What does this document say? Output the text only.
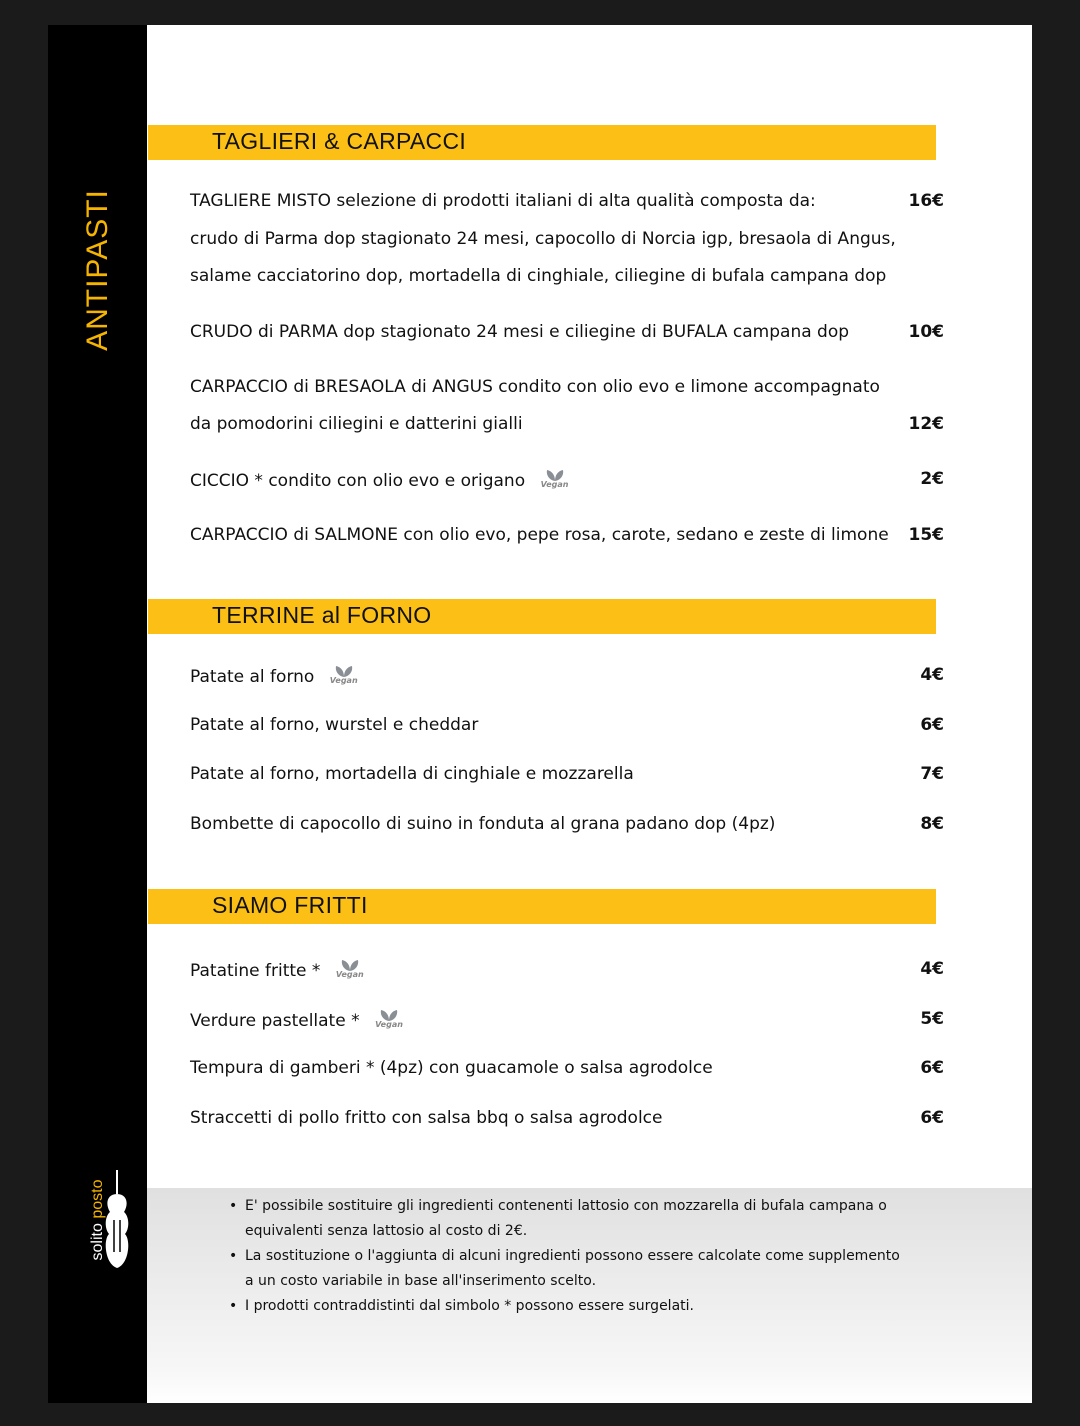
ANTIPASTI
solito posto
TAGLIERI & CARPACCI
TAGLIERE MISTO selezione di prodotti italiani di alta qualità composta da:	16€
crudo di Parma dop stagionato 24 mesi, capocollo di Norcia igp, bresaola di Angus,
salame cacciatorino dop, mortadella di cinghiale, ciliegine di bufala campana dop
CRUDO di PARMA dop stagionato 24 mesi e ciliegine di BUFALA campana dop	10€
CARPACCIO di BRESAOLA di ANGUS condito con olio evo e limone accompagnato
da pomodorini ciliegini e datterini gialli	12€
CICCIO * condito con olio evo e origano	Vegan	2€
CARPACCIO di SALMONE con olio evo, pepe rosa, carote, sedano e zeste di limone 15€
TERRINE al FORNO
Patate al forno	Vegan	4€
Patate al forno, wurstel e cheddar	6€
Patate al forno, mortadella di cinghiale e mozzarella	7€
Bombette di capocollo di suino in fonduta al grana padano dop (4pz)	8€
SIAMO FRITTI
Patatine fritte *	Vegan	4€
Verdure pastellate *	Vegan	5€
Tempura di gamberi * (4pz) con guacamole o salsa agrodolce	6€
Straccetti di pollo fritto con salsa bbq o salsa agrodolce	6€
• E' possibile sostituire gli ingredienti contenenti lattosio con mozzarella di bufala campana o equivalenti senza lattosio al costo di 2€.
• La sostituzione o l'aggiunta di alcuni ingredienti possono essere calcolate come supplemento a un costo variabile in base all'inserimento scelto.
• I prodotti contraddistinti dal simbolo * possono essere surgelati.
